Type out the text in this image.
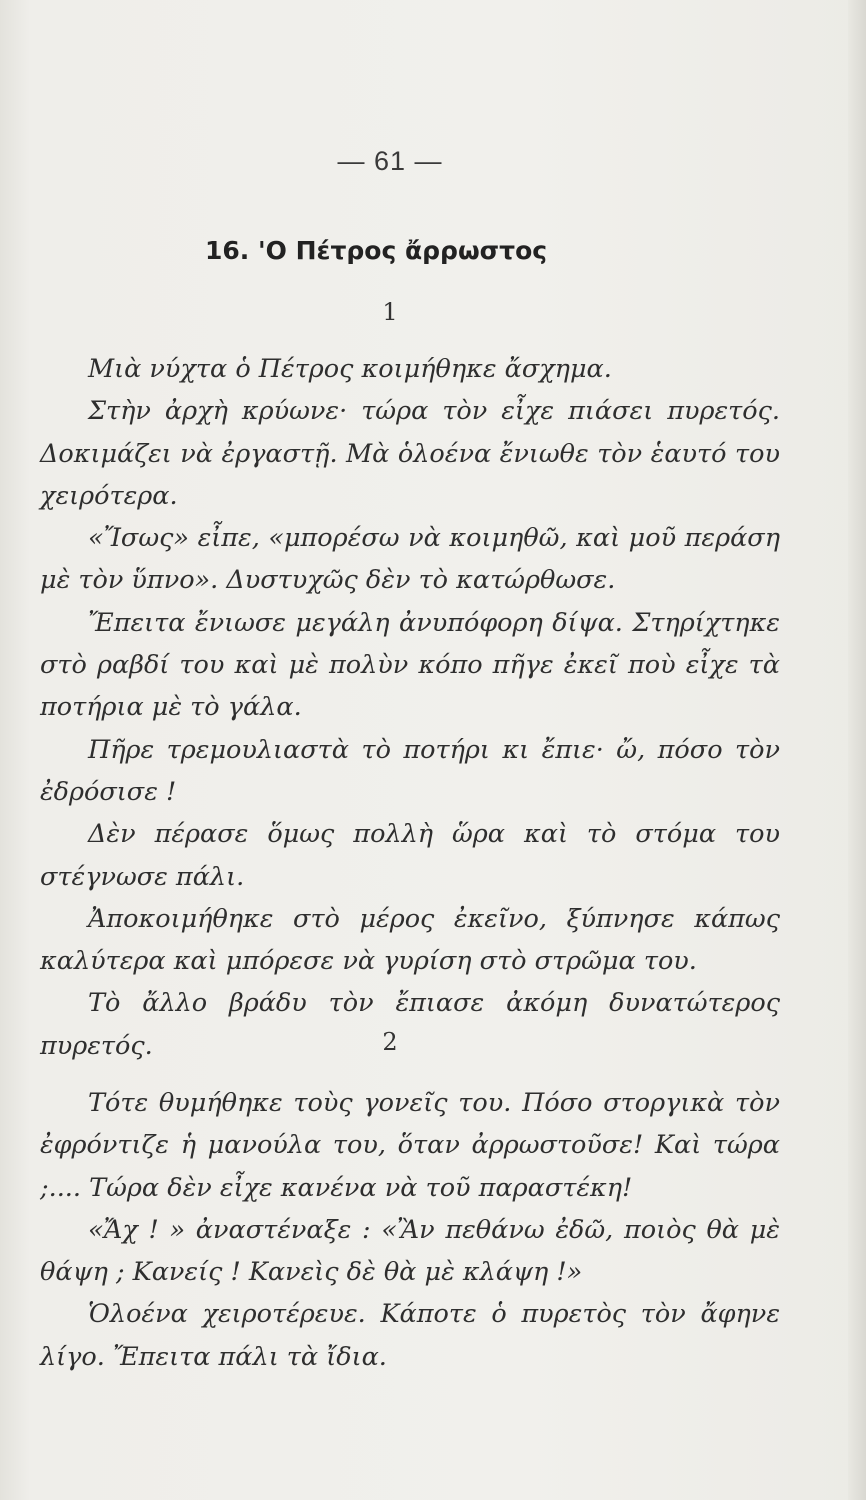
— 61 —
16. 'Ο Πέτρος ἄρρωστος
1

Μιὰ νύχτα ὁ Πέτρος κοιμήθηκε ἄσχημα.

Στὴν ἀρχὴ κρύωνε· τώρα τὸν εἶχε πιάσει πυρετός. Δοκιμάζει νὰ ἐργαστῇ. Μὰ ὁλοένα ἔνιωθε τὸν ἑαυτό του χειρότερα.

«Ἴσως» εἶπε, «μπορέσω νὰ κοιμηθῶ, καὶ μοῦ περάση μὲ τὸν ὕπνο». Δυστυχῶς δὲν τὸ κατώρθωσε.

Ἔπειτα ἔνιωσε μεγάλη ἀνυπόφορη δίψα. Στηρίχτηκε στὸ ραβδί του καὶ μὲ πολὺν κόπο πῆγε ἐκεῖ ποὺ εἶχε τὰ ποτήρια μὲ τὸ γάλα.

Πῆρε τρεμουλιαστὰ τὸ ποτήρι κι ἔπιε· ὤ, πόσο τὸν ἐδρόσισε !

Δὲν πέρασε ὅμως πολλὴ ὥρα καὶ τὸ στόμα του στέγνωσε πάλι.

Ἀποκοιμήθηκε στὸ μέρος ἐκεῖνο, ξύπνησε κάπως καλύτερα καὶ μπόρεσε νὰ γυρίση στὸ στρῶμα του.

Τὸ ἄλλο βράδυ τὸν ἔπιασε ἀκόμη δυνατώτερος πυρετός.	2

Τότε θυμήθηκε τοὺς γονεῖς του. Πόσο στοργικὰ τὸν ἐφρόντιζε ἡ μανούλα του, ὅταν ἀρρωστοῦσε! Καὶ τώρα ;.... Τώρα δὲν εἶχε κανένα νὰ τοῦ παραστέκη!

«Ἄχ ! » ἀναστέναξε : «Ἂν πεθάνω ἐδῶ, ποιὸς θὰ μὲ θάψη ; Κανείς ! Κανεὶς δὲ θὰ μὲ κλάψη !»

Ὁλοένα χειροτέρευε. Κάποτε ὁ πυρετὸς τὸν ἄφηνε λίγο. Ἔπειτα πάλι τὰ ἴδια.
